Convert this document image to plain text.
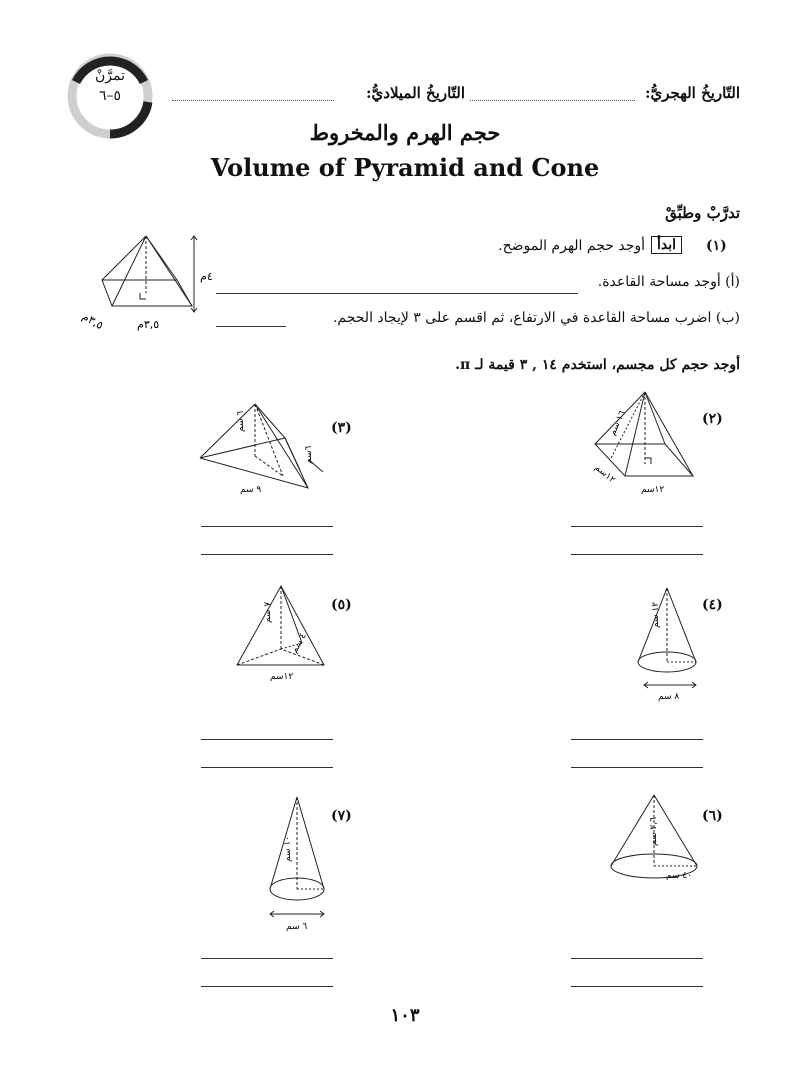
تمرَّنْ
٥–٦	التّاريخُ الهجريُّ:
التّاريخُ الميلاديُّ:
حجم الهرم والمخروط
Volume of Pyramid and Cone
تدرَّبْ وطبِّقْ
(١)
ابدأ
أوجد حجم الهرم الموضح.
(أ) أوجد مساحة القاعدة.
(ب) اضرب مساحة القاعدة في الارتفاع، ثم اقسم على ٣ لإيجاد الحجم.
٤م
٣,٥م	٣,٥م
أوجد حجم كل مجسم، استخدم ١٤ , ٣ قيمة لـ π.
(٢)
١٦ سم
١٢سم
١٢سم
(٣)
٦ سم
٦سم
٩ سم
(٤)
١٢ سم
٨ سم
(٥)
٧ سم
٤ سم
١٢سم
(٦)
٢,٦ سم
٤٠ سم
(٧)
١٠ سم
٦ سم
١٠٣
